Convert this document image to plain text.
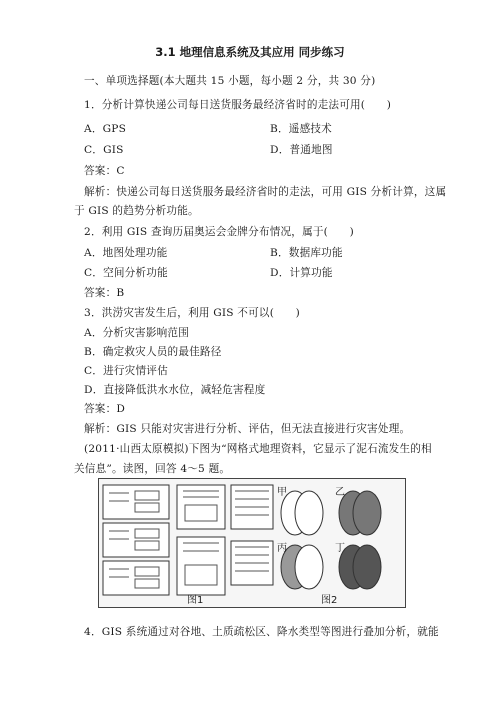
3.1 地理信息系统及其应用 同步练习
一、单项选择题(本大题共 15 小题，每小题 2 分，共 30 分)
1．分析计算快递公司每日送货服务最经济省时的走法可用(　　)
A．GPS	B．遥感技术
C．GIS	D．普通地图
答案：C
解析：快递公司每日送货服务最经济省时的走法，可用 GIS 分析计算，这属
于 GIS 的趋势分析功能。
2．利用 GIS 查询历届奥运会金牌分布情况，属于(　　)
A．地图处理功能	B．数据库功能
C．空间分析功能	D．计算功能
答案：B
3．洪涝灾害发生后，利用 GIS 不可以(　　)
A．分析灾害影响范围
B．确定救灾人员的最佳路径
C．进行灾情评估
D．直接降低洪水水位，减轻危害程度
答案：D
解析：GIS 只能对灾害进行分析、评估，但无法直接进行灾害处理。
(2011·山西太原模拟)下图为“网格式地理资料，它显示了泥石流发生的相
关信息”。读图，回答 4～5 题。
甲	乙
丙	丁
图1	图2
4．GIS 系统通过对谷地、土质疏松区、降水类型等图进行叠加分析，就能
